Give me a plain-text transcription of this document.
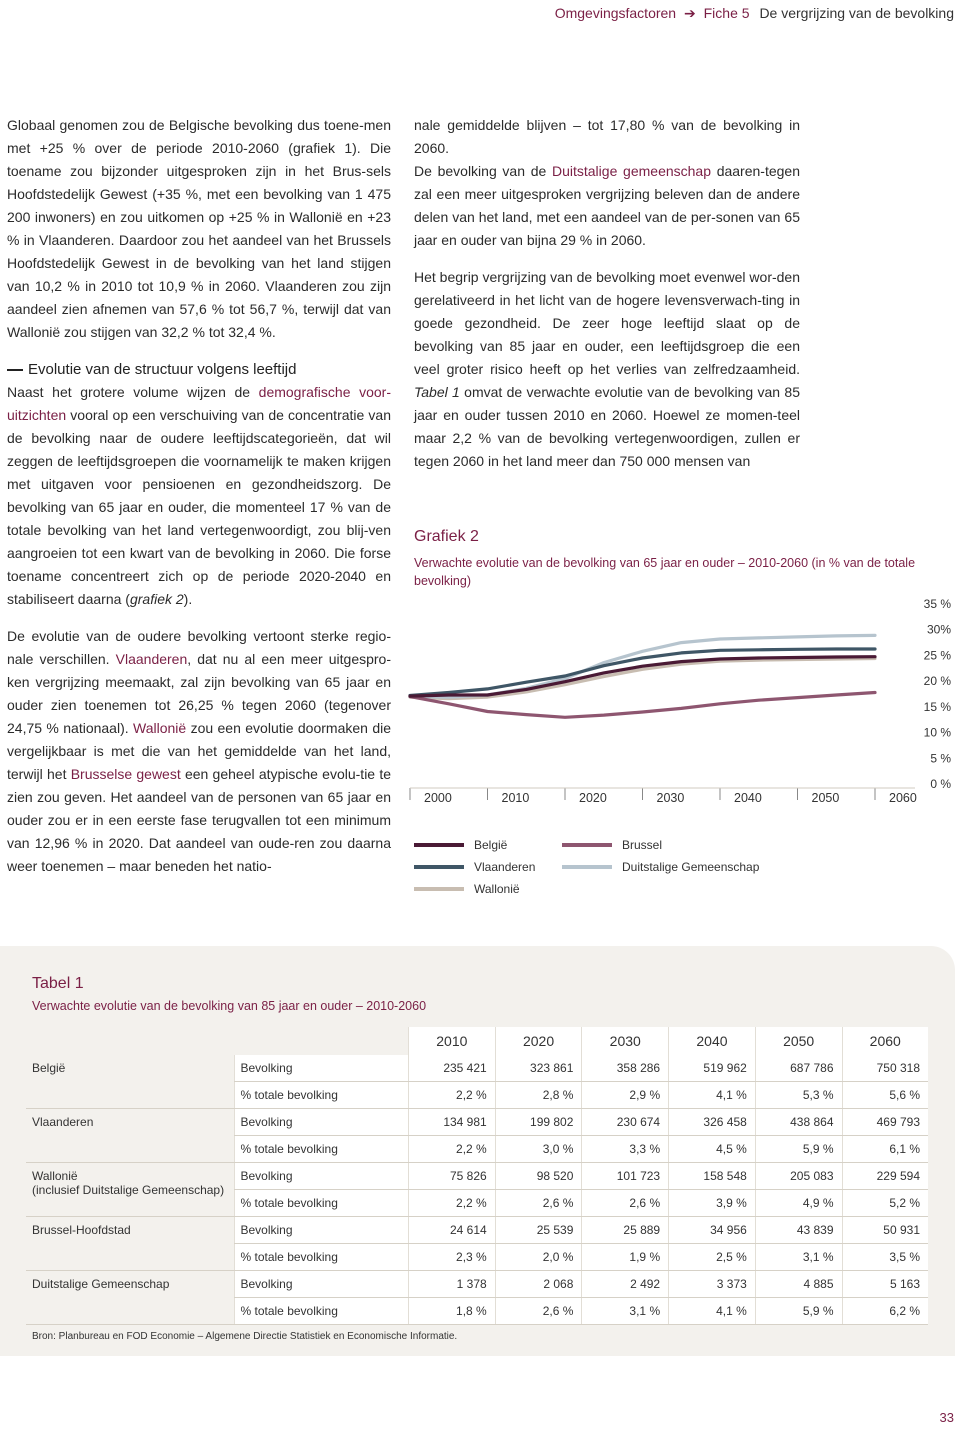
Omgevingsfactoren ➔ Fiche 5 De vergrijzing van de bevolking

Globaal genomen zou de Belgische bevolking dus toene-men met +25 % over de periode 2010-2060 (grafiek 1). Die toename zou bijzonder uitgesproken zijn in het Brus-sels Hoofdstedelijk Gewest (+35 %, met een bevolking van 1 475 200 inwoners) en zou uitkomen op +25 % in Wallonië en +23 % in Vlaanderen. Daardoor zou het aandeel van het Brussels Hoofdstedelijk Gewest in de bevolking van het land stijgen van 10,2 % in 2010 tot 10,9 % in 2060. Vlaanderen zou zijn aandeel zien afnemen van 57,6 % tot 56,7 %, terwijl dat van Wallonië zou stijgen van 32,2 % tot 32,4 %.

Evolutie van de structuur volgens leeftijd

Naast het grotere volume wijzen de demografische voor-uitzichten vooral op een verschuiving van de concentratie van de bevolking naar de oudere leeftijdscategorieën, dat wil zeggen de leeftijdsgroepen die voornamelijk te maken krijgen met uitgaven voor pensioenen en gezondheidszorg. De bevolking van 65 jaar en ouder, die momenteel 17 % van de totale bevolking van het land vertegenwoordigt, zou blij-ven aangroeien tot een kwart van de bevolking in 2060. Die forse toename concentreert zich op de periode 2020-2040 en stabiliseert daarna (grafiek 2).

De evolutie van de oudere bevolking vertoont sterke regio-nale verschillen. Vlaanderen, dat nu al een meer uitgespro-ken vergrijzing meemaakt, zal zijn bevolking van 65 jaar en ouder zien toenemen tot 26,25 % tegen 2060 (tegenover 24,75 % nationaal). Wallonië zou een evolutie doormaken die vergelijkbaar is met die van het gemiddelde van het land, terwijl het Brusselse gewest een geheel atypische evolu-tie te zien zou geven. Het aandeel van de personen van 65 jaar en ouder zou er in een eerste fase terugvallen tot een minimum van 12,96 % in 2020. Dat aandeel van oude-ren zou daarna weer toenemen – maar beneden het natio-

nale gemiddelde blijven – tot 17,80 % van de bevolking in 2060.

De bevolking van de Duitstalige gemeenschap daaren-tegen zal een meer uitgesproken vergrijzing beleven dan de andere delen van het land, met een aandeel van de per-sonen van 65 jaar en ouder van bijna 29 % in 2060.

Het begrip vergrijzing van de bevolking moet evenwel wor-den gerelativeerd in het licht van de hogere levensverwach-ting in goede gezondheid. De zeer hoge leeftijd slaat op de bevolking van 85 jaar en ouder, een leeftijdsgroep die een veel groter risico heeft op het verlies van zelfredzaamheid. Tabel 1 omvat de verwachte evolutie van de bevolking van 85 jaar en ouder tussen 2010 en 2060. Hoewel ze momen-teel maar 2,2 % van de bevolking vertegenwoordigen, zullen er tegen 2060 in het land meer dan 750 000 mensen van

Grafiek 2
Verwachte evolutie van de bevolking van 65 jaar en ouder – 2010-2060 (in % van de totale bevolking)
35 %
30%
25 %
20 %
15 %
10 %
5 %
0 %
2000	2010	2020	2030	2040	2050	2060
België	Brussel
Vlaanderen	Duitstalige Gemeenschap
Wallonië
Tabel 1
Verwachte evolutie van de bevolking van 85 jaar en ouder – 2010-2060
		2010	2020	2030	2040	2050	2060

België	Bevolking	235 421	323 861	358 286	519 962	687 786	750 318
	% totale bevolking	2,2 %	2,8 %	2,9 %	4,1 %	5,3 %	5,6 %

Vlaanderen	Bevolking	134 981	199 802	230 674	326 458	438 864	469 793
	% totale bevolking	2,2 %	3,0 %	3,3 %	4,5 %	5,9 %	6,1 %

Wallonië
(inclusief Duitstalige Gemeenschap)	Bevolking	75 826	98 520	101 723	158 548	205 083	229 594
	% totale bevolking	2,2 %	2,6 %	2,6 %	3,9 %	4,9 %	5,2 %

Brussel-Hoofdstad	Bevolking	24 614	25 539	25 889	34 956	43 839	50 931
	% totale bevolking	2,3 %	2,0 %	1,9 %	2,5 %	3,1 %	3,5 %

Duitstalige Gemeenschap	Bevolking	1 378	2 068	2 492	3 373	4 885	5 163
	% totale bevolking	1,8 %	2,6 %	3,1 %	4,1 %	5,9 %	6,2 %
Bron: Planbureau en FOD Economie – Algemene Directie Statistiek en Economische Informatie.
33
